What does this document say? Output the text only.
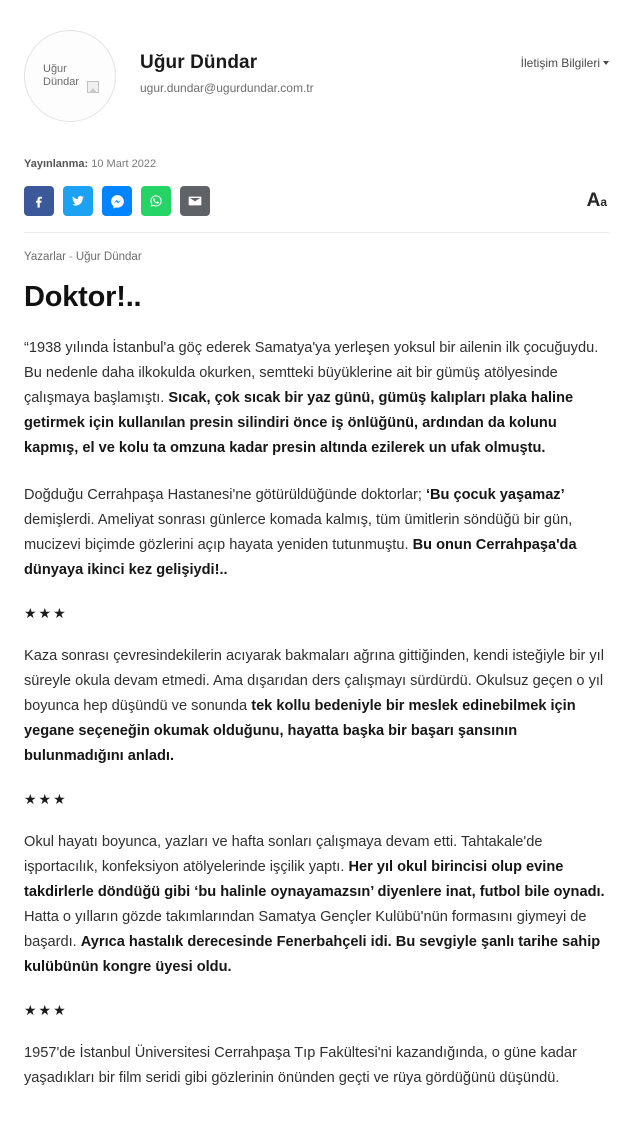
Uğur Dündar
Uğur Dündar
ugur.dundar@ugurdundar.com.tr
İletişim Bilgileri
Yayınlanma: 10 Mart 2022
A a
Yazarlar - Uğur Dündar
Doktor!..

“1938 yılında İstanbul'a göç ederek Samatya'ya yerleşen yoksul bir ailenin ilk çocuğuydu. Bu nedenle daha ilkokulda okurken, semtteki büyüklerine ait bir gümüş atölyesinde çalışmaya başlamıştı. Sıcak, çok sıcak bir yaz günü, gümüş kalıpları plaka haline getirmek için kullanılan presin silindiri önce iş önlüğünü, ardından da kolunu kapmış, el ve kolu ta omzuna kadar presin altında ezilerek un ufak olmuştu.

Doğduğu Cerrahpaşa Hastanesi'ne götürüldüğünde doktorlar; ‘Bu çocuk yaşamaz’ demişlerdi. Ameliyat sonrası günlerce komada kalmış, tüm ümitlerin söndüğü bir gün, mucizevi biçimde gözlerini açıp hayata yeniden tutunmuştu. Bu onun Cerrahpaşa'da dünyaya ikinci kez gelişiydi!..

★★★

Kaza sonrası çevresindekilerin acıyarak bakmaları ağrına gittiğinden, kendi isteğiyle bir yıl süreyle okula devam etmedi. Ama dışarıdan ders çalışmayı sürdürdü. Okulsuz geçen o yıl boyunca hep düşündü ve sonunda tek kollu bedeniyle bir meslek edinebilmek için yegane seçeneğin okumak olduğunu, hayatta başka bir başarı şansının bulunmadığını anladı.

★★★

Okul hayatı boyunca, yazları ve hafta sonları çalışmaya devam etti. Tahtakale'de işportacılık, konfeksiyon atölyelerinde işçilik yaptı. Her yıl okul birincisi olup evine takdirlerle döndüğü gibi ‘bu halinle oynayamazsın’ diyenlere inat, futbol bile oynadı. Hatta o yılların gözde takımlarından Samatya Gençler Kulübü'nün formasını giymeyi de başardı. Ayrıca hastalık derecesinde Fenerbahçeli idi. Bu sevgiyle şanlı tarihe sahip kulübünün kongre üyesi oldu.

★★★

1957'de İstanbul Üniversitesi Cerrahpaşa Tıp Fakültesi'ni kazandığında, o güne kadar yaşadıkları bir film seridi gibi gözlerinin önünden geçti ve rüya gördüğünü düşündü.
